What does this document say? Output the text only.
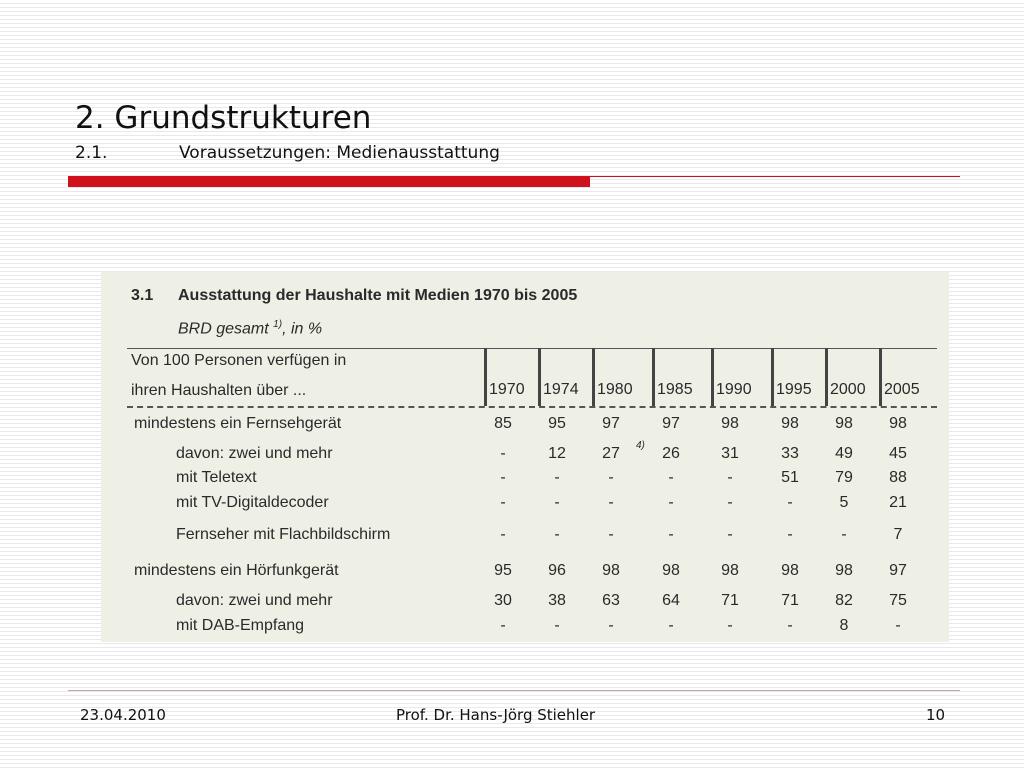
2. Grundstrukturen
2.1.	Voraussetzungen: Medienausstattung
3.1 Ausstattung der Haushalte mit Medien 1970 bis 2005
BRD gesamt $^{1)}$, in %
Von 100 Personen verfügen in
ihren Haushalten über ...	1970	1974	1980	1985	1990	1995	2000	2005
mindestens ein Fernsehgerät	85	95	97	97	98	98	98	98
davon: zwei und mehr	-	12	27	26	31	33	49	45
mit Teletext	-	-	-	-	-	51	79	88
mit TV-Digitaldecoder	-	-	-	-	-	-	5	21
Fernseher mit Flachbildschirm	-	-	-	-	-	-	-	7
mindestens ein Hörfunkgerät	95	96	98	98	98	98	98	97
davon: zwei und mehr	30	38	63	64	71	71	82	75
mit DAB-Empfang	-	-	-	-	-	-	8	-
4)
23.04.2010	Prof. Dr. Hans-Jörg Stiehler	10
